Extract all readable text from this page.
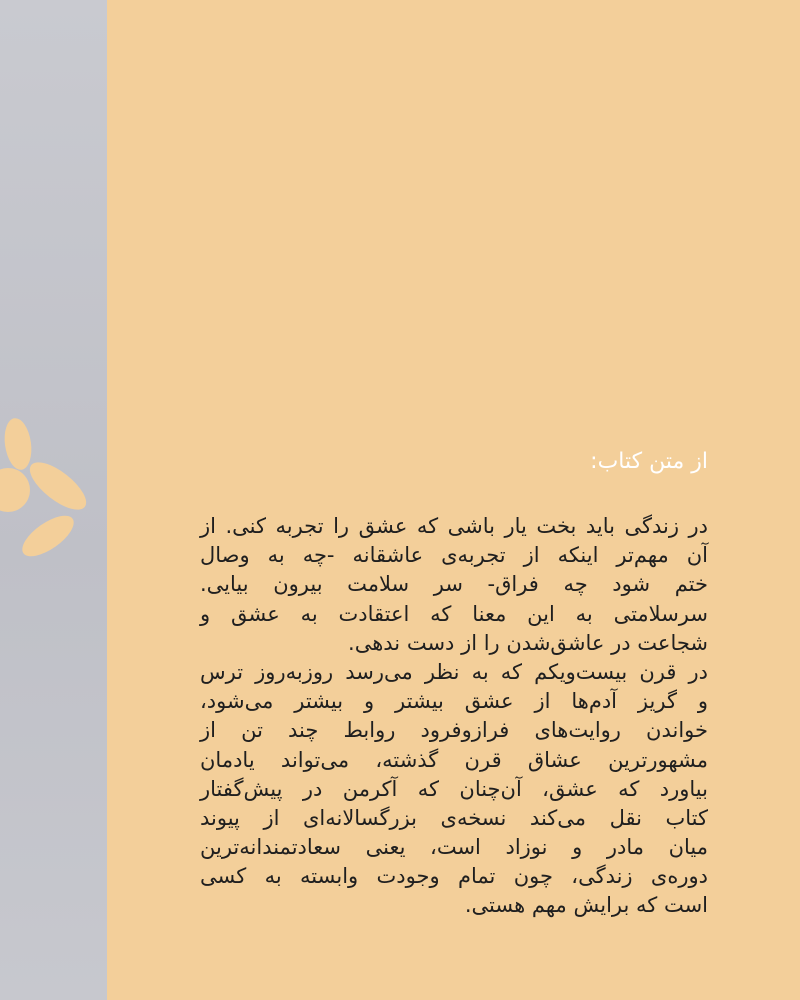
از متن کتاب:
در زندگی باید بخت یار باشی که عشق را تجربه کنی. از
آن مهم‌تر اینکه از تجربه‌ی عاشقانه -چه به وصال
ختم شود چه فراق- سر سلامت بیرون بیایی.
سرسلامتی به این معنا که اعتقادت به عشق و
شجاعت در عاشق‌شدن را از دست ندهی.
در قرن بیست‌ویکم که به نظر می‌رسد روزبه‌روز ترس
و گریز آدم‌ها از عشق بیشتر و بیشتر می‌شود،
خواندن روایت‌های فرازوفرود روابط چند تن از
مشهورترین عشاق قرن گذشته، می‌تواند یادمان
بیاورد که عشق، آن‌چنان که آکرمن در پیش‌گفتار
کتاب نقل می‌کند نسخه‌ی بزرگسالانه‌ای از پیوند
میان مادر و نوزاد است، یعنی سعادتمندانه‌ترین
دوره‌ی زندگی، چون تمام وجودت وابسته به کسی
است که برایش مهم هستی.
